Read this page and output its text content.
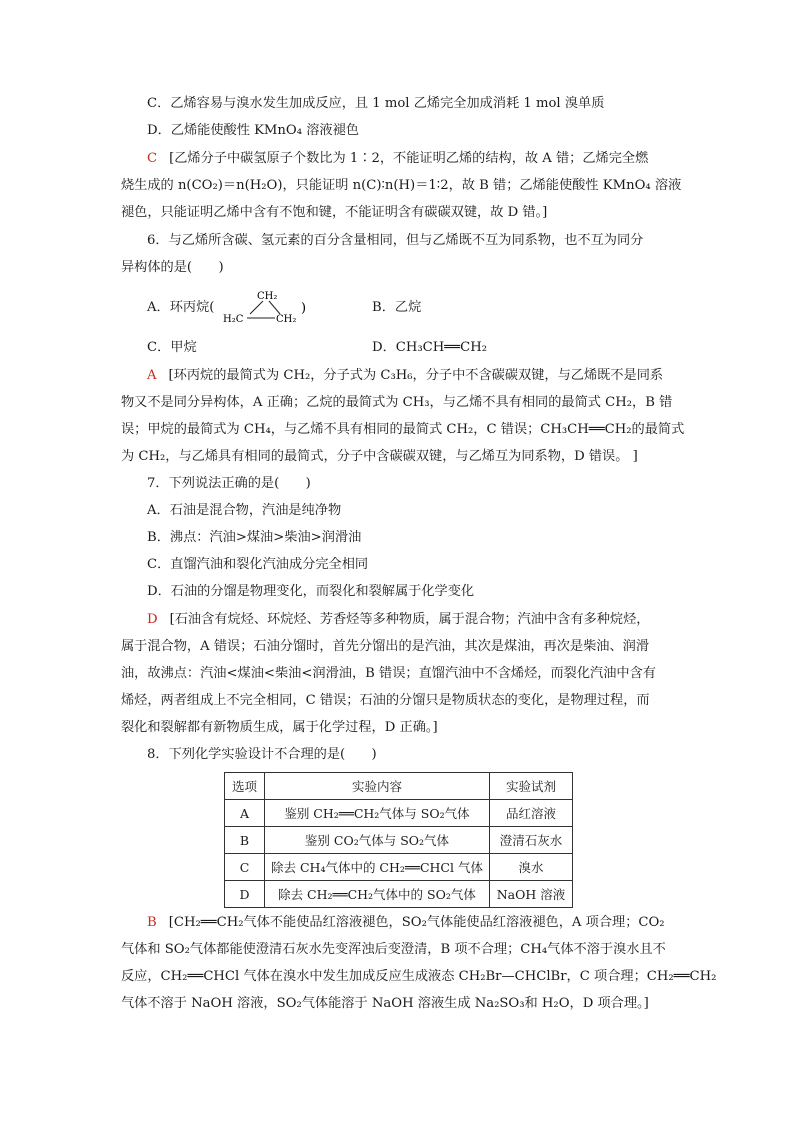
C．乙烯容易与溴水发生加成反应，且 1 mol 乙烯完全加成消耗 1 mol 溴单质
D．乙烯能使酸性 KMnO₄ 溶液褪色
C [乙烯分子中碳氢原子个数比为 1∶2，不能证明乙烯的结构，故 A 错；乙烯完全燃
烧生成的 n(CO₂)＝n(H₂O)，只能证明 n(C)∶n(H)＝1∶2，故 B 错；乙烯能使酸性 KMnO₄ 溶液
褪色，只能证明乙烯中含有不饱和键，不能证明含有碳碳双键，故 D 错。]
6．与乙烯所含碳、氢元素的百分含量相同，但与乙烯既不互为同系物，也不互为同分
异构体的是(　　)
A．环丙烷(
CH₂
H₂C	CH₂
)	B．乙烷
C．甲烷	D．CH₃CH══CH₂
A [环丙烷的最简式为 CH₂，分子式为 C₃H₆，分子中不含碳碳双键，与乙烯既不是同系
物又不是同分异构体，A 正确；乙烷的最简式为 CH₃，与乙烯不具有相同的最简式 CH₂，B 错
误；甲烷的最简式为 CH₄，与乙烯不具有相同的最简式 CH₂，C 错误；CH₃CH══CH₂的最简式
为 CH₂，与乙烯具有相同的最简式，分子中含碳碳双键，与乙烯互为同系物，D 错误。 ]
7．下列说法正确的是(　　)
A．石油是混合物，汽油是纯净物
B．沸点：汽油>煤油>柴油>润滑油
C．直馏汽油和裂化汽油成分完全相同
D．石油的分馏是物理变化，而裂化和裂解属于化学变化
D [石油含有烷烃、环烷烃、芳香烃等多种物质，属于混合物；汽油中含有多种烷烃，
属于混合物，A 错误；石油分馏时，首先分馏出的是汽油，其次是煤油，再次是柴油、润滑
油，故沸点：汽油<煤油<柴油<润滑油，B 错误；直馏汽油中不含烯烃，而裂化汽油中含有
烯烃，两者组成上不完全相同，C 错误；石油的分馏只是物质状态的变化，是物理过程，而
裂化和裂解都有新物质生成，属于化学过程，D 正确。]
8．下列化学实验设计不合理的是(　　)
选项	实验内容	实验试剂
A	鉴别 CH₂══CH₂气体与 SO₂气体	品红溶液
B	鉴别 CO₂气体与 SO₂气体	澄清石灰水
C	除去 CH₄气体中的 CH₂══CHCl 气体	溴水
D	除去 CH₂══CH₂气体中的 SO₂气体	NaOH 溶液
B [CH₂══CH₂气体不能使品红溶液褪色，SO₂气体能使品红溶液褪色，A 项合理；CO₂
气体和 SO₂气体都能使澄清石灰水先变浑浊后变澄清，B 项不合理；CH₄气体不溶于溴水且不
反应，CH₂══CHCl 气体在溴水中发生加成反应生成液态 CH₂Br—CHClBr，C 项合理；CH₂══CH₂
气体不溶于 NaOH 溶液，SO₂气体能溶于 NaOH 溶液生成 Na₂SO₃和 H₂O，D 项合理。]
